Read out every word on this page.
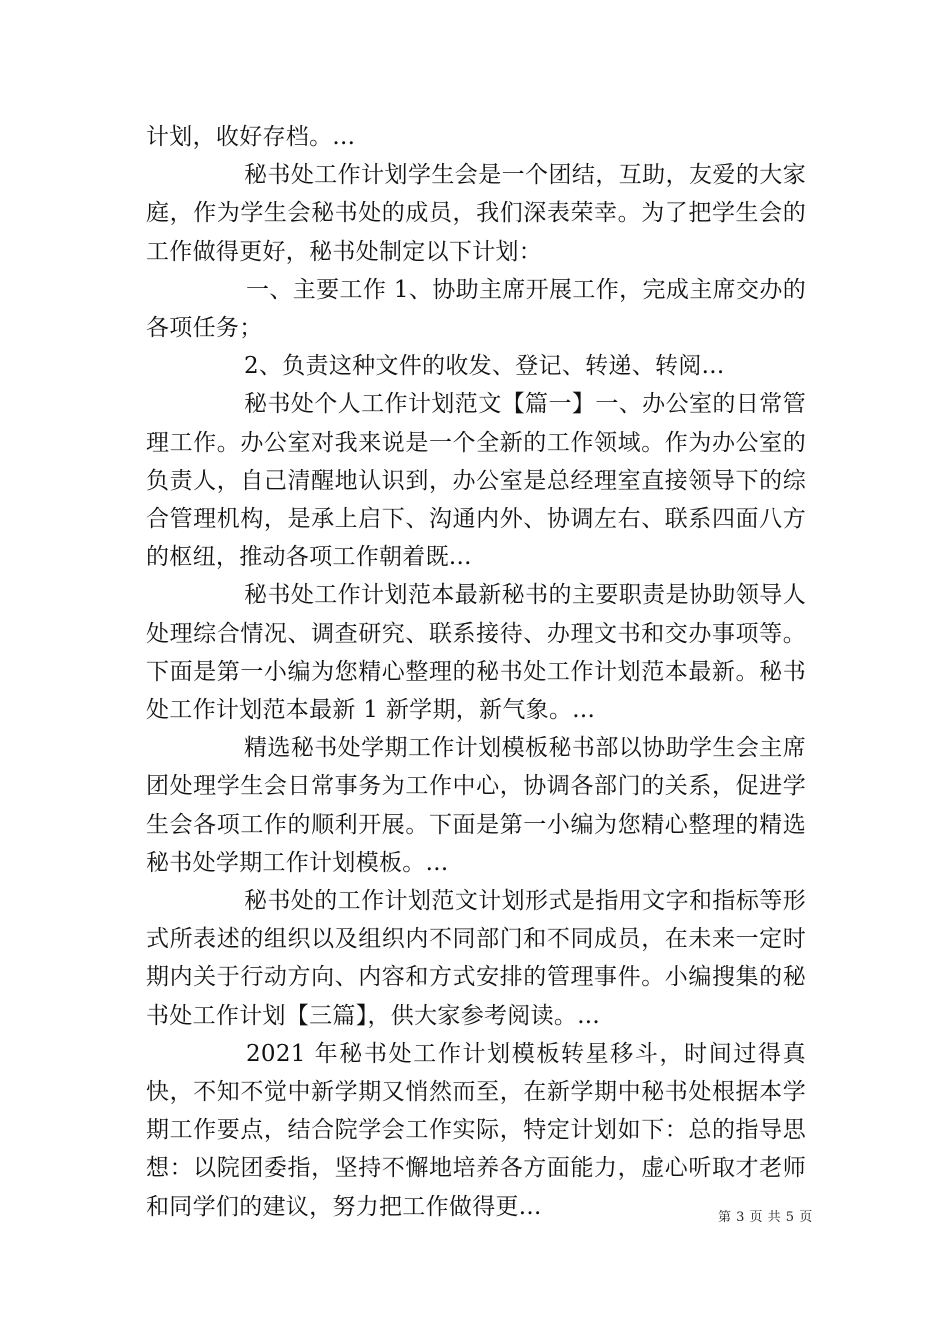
计划，收好存档。...

秘书处工作计划学生会是一个团结，互助，友爱的大家庭，作为学生会秘书处的成员，我们深表荣幸。为了把学生会的工作做得更好，秘书处制定以下计划：

一、主要工作 1、协助主席开展工作，完成主席交办的各项任务；

2、负责这种文件的收发、登记、转递、转阅...

秘书处个人工作计划范文【篇一】一、办公室的日常管理工作。办公室对我来说是一个全新的工作领域。作为办公室的负责人，自己清醒地认识到，办公室是总经理室直接领导下的综合管理机构，是承上启下、沟通内外、协调左右、联系四面八方的枢纽，推动各项工作朝着既...

秘书处工作计划范本最新秘书的主要职责是协助领导人处理综合情况、调查研究、联系接待、办理文书和交办事项等。下面是第一小编为您精心整理的秘书处工作计划范本最新。秘书处工作计划范本最新 1 新学期，新气象。...

精选秘书处学期工作计划模板秘书部以协助学生会主席团处理学生会日常事务为工作中心，协调各部门的关系，促进学生会各项工作的顺利开展。下面是第一小编为您精心整理的精选秘书处学期工作计划模板。...

秘书处的工作计划范文计划形式是指用文字和指标等形式所表述的组织以及组织内不同部门和不同成员，在未来一定时期内关于行动方向、内容和方式安排的管理事件。小编搜集的秘书处工作计划【三篇】，供大家参考阅读。...

2021 年秘书处工作计划模板转星移斗，时间过得真快，不知不觉中新学期又悄然而至，在新学期中秘书处根据本学期工作要点，结合院学会工作实际，特定计划如下：总的指导思想：以院团委指，坚持不懈地培养各方面能力，虚心听取才老师和同学们的建议，努力把工作做得更...	第 3 页 共 5 页
